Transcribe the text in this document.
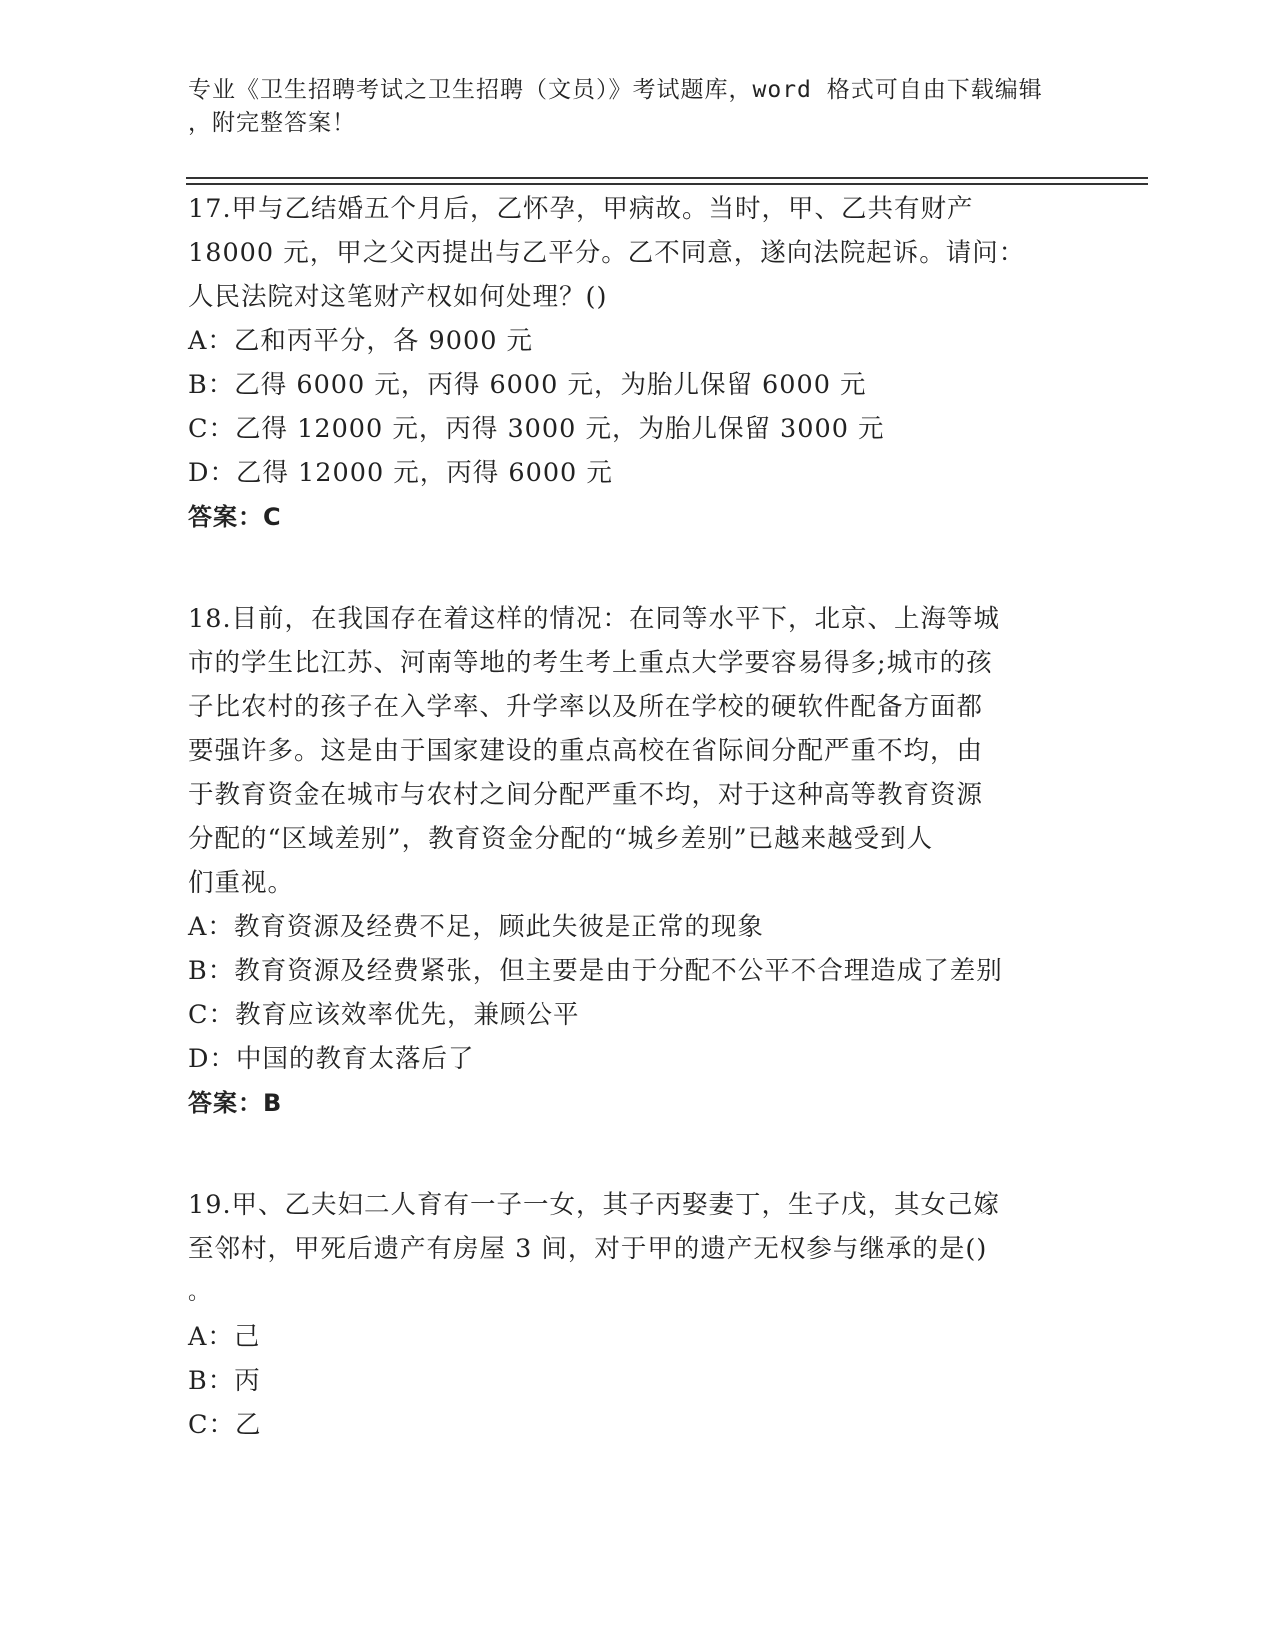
专业《卫生招聘考试之卫生招聘（文员）》考试题库，word 格式可自由下载编辑
，附完整答案！
17.甲与乙结婚五个月后，乙怀孕，甲病故。当时，甲、乙共有财产
18000 元，甲之父丙提出与乙平分。乙不同意，遂向法院起诉。请问：
人民法院对这笔财产权如何处理？()
A：乙和丙平分，各 9000 元
B：乙得 6000 元，丙得 6000 元，为胎儿保留 6000 元
C：乙得 12000 元，丙得 3000 元，为胎儿保留 3000 元
D：乙得 12000 元，丙得 6000 元
答案：C
18.目前，在我国存在着这样的情况：在同等水平下，北京、上海等城
市的学生比江苏、河南等地的考生考上重点大学要容易得多;城市的孩
子比农村的孩子在入学率、升学率以及所在学校的硬软件配备方面都
要强许多。这是由于国家建设的重点高校在省际间分配严重不均，由
于教育资金在城市与农村之间分配严重不均，对于这种高等教育资源
分配的“区域差别”，教育资金分配的“城乡差别”已越来越受到人
们重视。
A：教育资源及经费不足，顾此失彼是正常的现象
B：教育资源及经费紧张，但主要是由于分配不公平不合理造成了差别
C：教育应该效率优先，兼顾公平
D：中国的教育太落后了
答案：B
19.甲、乙夫妇二人育有一子一女，其子丙娶妻丁，生子戊，其女己嫁
至邻村，甲死后遗产有房屋 3 间，对于甲的遗产无权参与继承的是()
。
A：己
B：丙
C：乙
